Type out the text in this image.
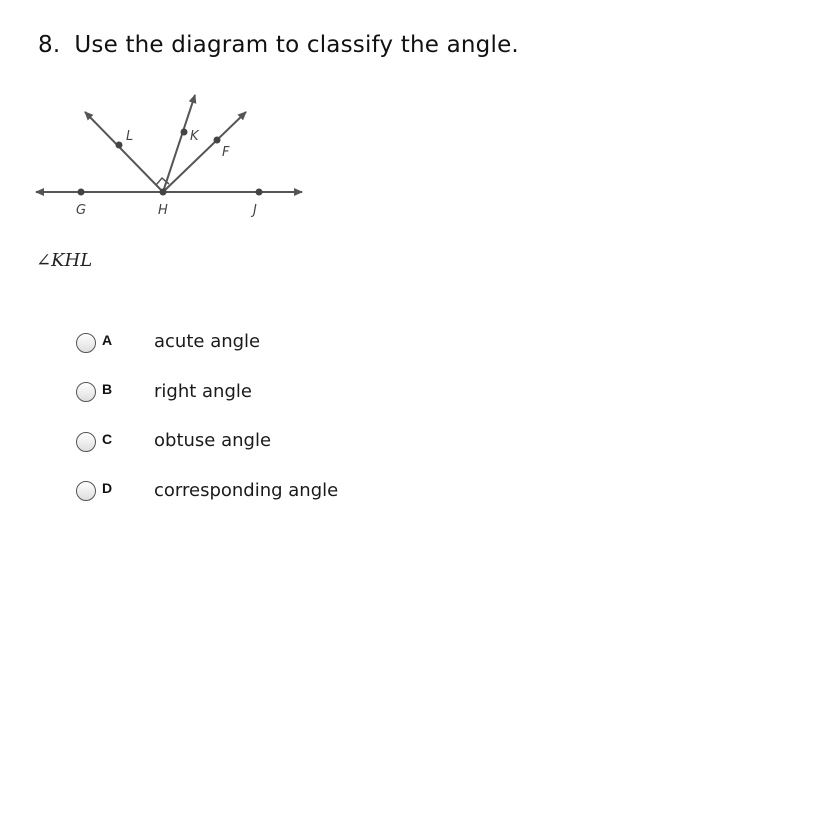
8. Use the diagram to classify the angle.
G	H	J
L	K
F
∠KHL
A	acute angle
B	right angle
C	obtuse angle
D	corresponding angle
